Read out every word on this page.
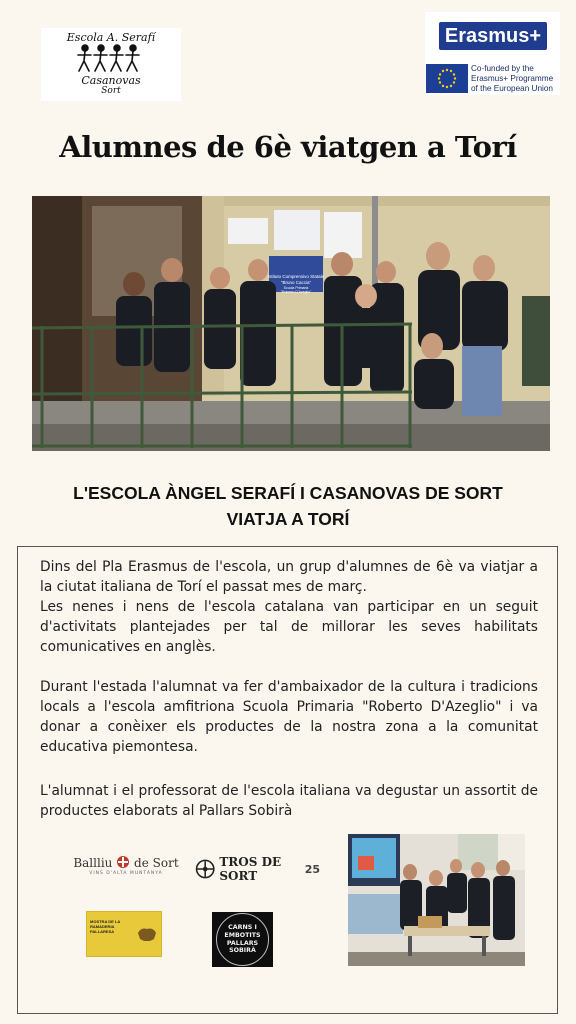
Escola A. Serafí
Casanovas
Sort
Erasmus+
Co-funded by the
Erasmus+ Programme
of the European Union
Alumnes de 6è viatgen a Torí
Istituto Comprensivo Statale
"Bruno Caccia"
Scuola Primaria
"Roberto D'Azeglio"
L'ESCOLA ÀNGEL SERAFÍ I CASANOVAS DE SORT
VIATJA A TORÍ
Dins del Pla Erasmus de l'escola, un grup d'alumnes de 6è va viatjar a la ciutat italiana de Torí el passat mes de març.
Les nenes i nens de l'escola catalana van participar en un seguit d'activitats plantejades per tal de millorar les seves habilitats comunicatives en anglès.

Durant l'estada l'alumnat va fer d'ambaixador de la cultura i tradicions locals a l'escola amfitriona Scuola Primaria "Roberto D'Azeglio" i va donar a conèixer els productes de la nostra zona a la comunitat educativa piemontesa.

L'alumnat i el professorat de l'escola italiana va degustar un assortit de productes elaborats al Pallars Sobirà

Ballliu de Sort
VINS D'ALTA MUNTANYA
TROS DE SORT	25
MOSTRA DE LA RAMADERIA PALLARESA
CARNS I
EMBOTITS
PALLARS
SOBIRÀ
